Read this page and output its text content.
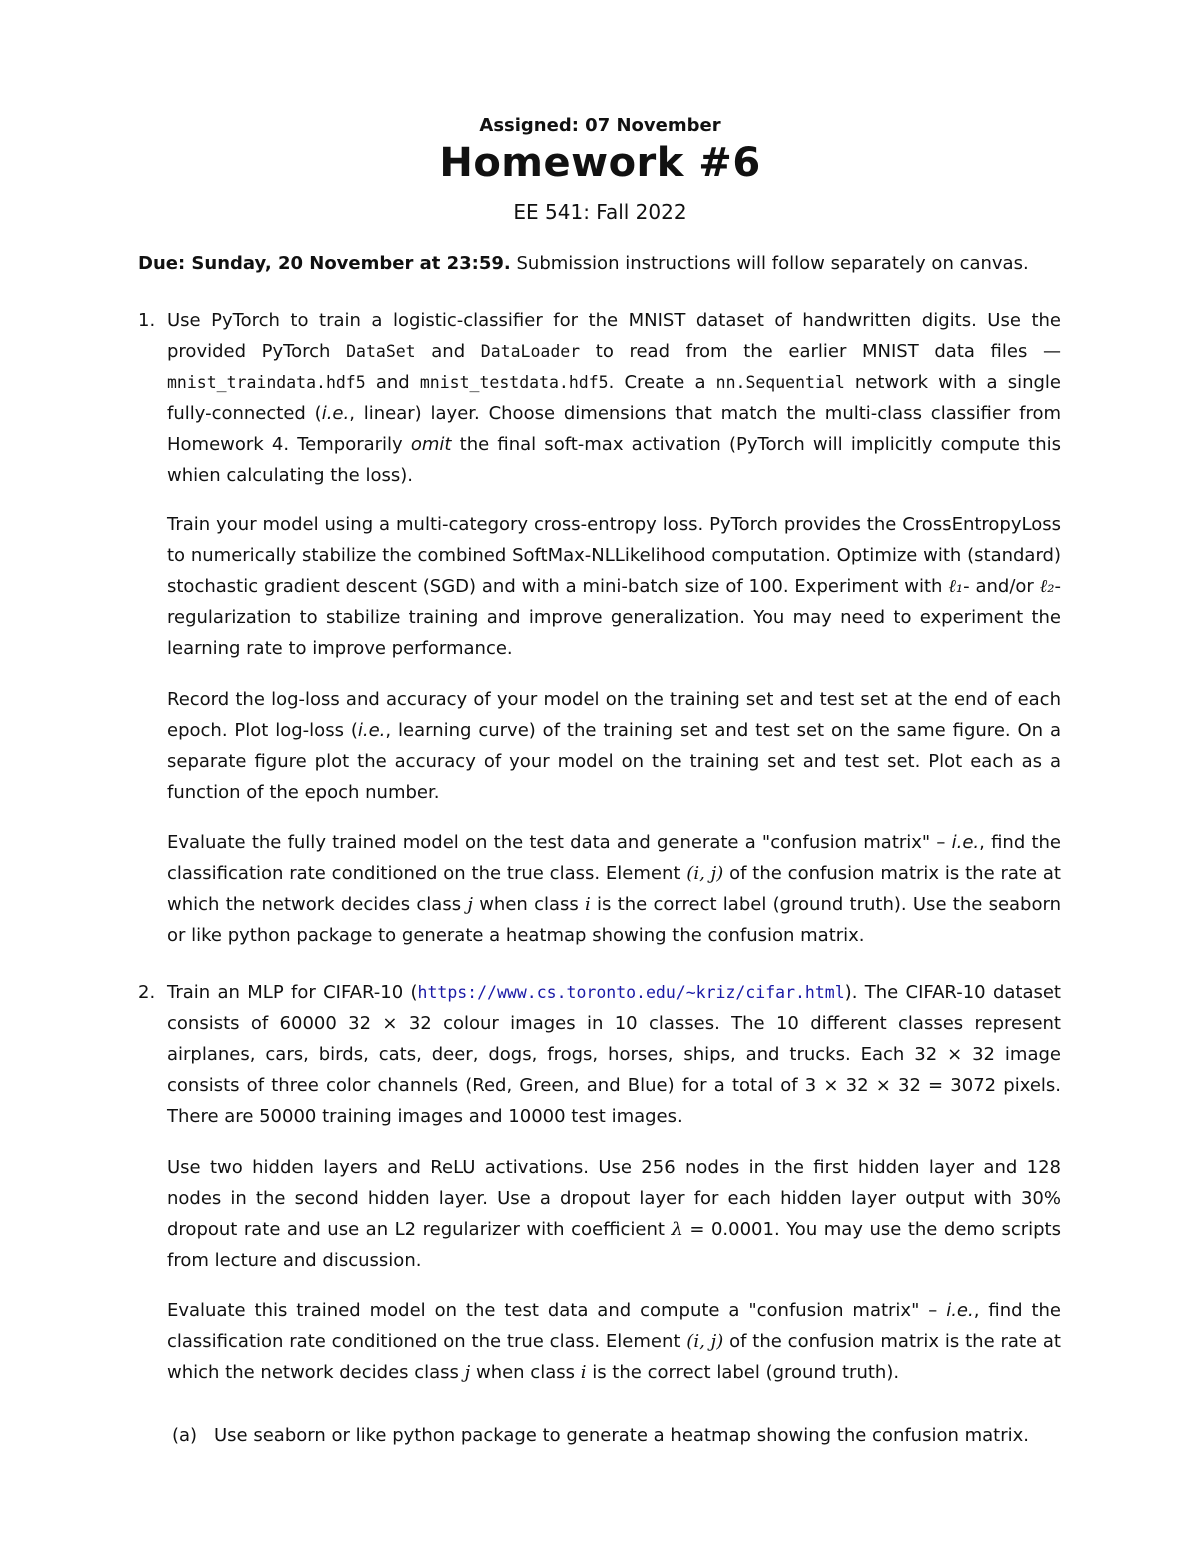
Assigned: 07 November
Homework #6
EE 541: Fall 2022
Due: Sunday, 20 November at 23:59. Submission instructions will follow separately on canvas.
1. Use PyTorch to train a logistic-classifier for the MNIST dataset of handwritten digits. Use the provided PyTorch DataSet and DataLoader to read from the earlier MNIST data files — mnist_traindata.hdf5 and mnist_testdata.hdf5. Create a nn.Sequential network with a single fully-connected (i.e., linear) layer. Choose dimensions that match the multi-class classifier from Homework 4. Temporarily omit the final soft-max activation (PyTorch will implicitly compute this whien calculating the loss).
Train your model using a multi-category cross-entropy loss. PyTorch provides the CrossEntropyLoss to numerically stabilize the combined SoftMax-NLLikelihood computation. Optimize with (standard) stochastic gradient descent (SGD) and with a mini-batch size of 100. Experiment with ℓ₁- and/or ℓ₂-regularization to stabilize training and improve generalization. You may need to experiment the learning rate to improve performance.
Record the log-loss and accuracy of your model on the training set and test set at the end of each epoch. Plot log-loss (i.e., learning curve) of the training set and test set on the same figure. On a separate figure plot the accuracy of your model on the training set and test set. Plot each as a function of the epoch number.
Evaluate the fully trained model on the test data and generate a "confusion matrix" – i.e., find the classification rate conditioned on the true class. Element (i, j) of the confusion matrix is the rate at which the network decides class j when class i is the correct label (ground truth). Use the seaborn or like python package to generate a heatmap showing the confusion matrix.
2. Train an MLP for CIFAR-10 (https://www.cs.toronto.edu/~kriz/cifar.html). The CIFAR-10 dataset consists of 60000 32 × 32 colour images in 10 classes. The 10 different classes represent airplanes, cars, birds, cats, deer, dogs, frogs, horses, ships, and trucks. Each 32 × 32 image consists of three color channels (Red, Green, and Blue) for a total of 3 × 32 × 32 = 3072 pixels. There are 50000 training images and 10000 test images.
Use two hidden layers and ReLU activations. Use 256 nodes in the first hidden layer and 128 nodes in the second hidden layer. Use a dropout layer for each hidden layer output with 30% dropout rate and use an L2 regularizer with coefficient λ = 0.0001. You may use the demo scripts from lecture and discussion.
Evaluate this trained model on the test data and compute a "confusion matrix" – i.e., find the classification rate conditioned on the true class. Element (i, j) of the confusion matrix is the rate at which the network decides class j when class i is the correct label (ground truth).
(a) Use seaborn or like python package to generate a heatmap showing the confusion matrix.
